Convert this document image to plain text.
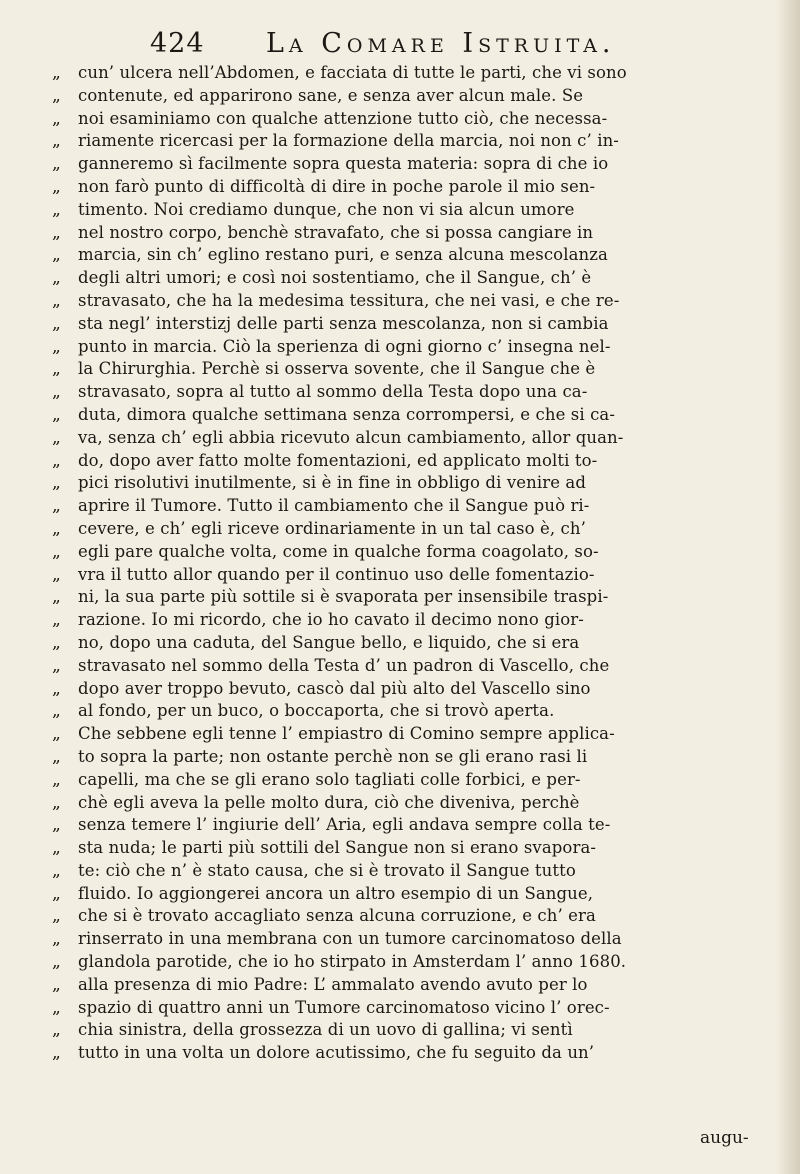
424 La Comare Istruita.
„	cun’ ulcera nell’Abdomen, e facciata di tutte le parti, che vi sono
„	contenute, ed apparirono sane, e senza aver alcun male. Se
„	noi esaminiamo con qualche attenzione tutto ciò, che necessa-
„	riamente ricercasi per la formazione della marcia, noi non c’ in-
„	ganneremo sì facilmente sopra questa materia: sopra di che io
„	non farò punto di difficoltà di dire in poche parole il mio sen-
„	timento. Noi crediamo dunque, che non vi sia alcun umore
„	nel nostro corpo, benchè stravafato, che si possa cangiare in
„	marcia, sin ch’ eglino restano puri, e senza alcuna mescolanza
„	degli altri umori; e così noi sostentiamo, che il Sangue, ch’ è
„	stravasato, che ha la medesima tessitura, che nei vasi, e che re-
„	sta negl’ interstizj delle parti senza mescolanza, non si cambia
„	punto in marcia. Ciò la sperienza di ogni giorno c’ insegna nel-
„	la Chirurghia. Perchè si osserva sovente, che il Sangue che è
„	stravasato, sopra al tutto al sommo della Testa dopo una ca-
„	duta, dimora qualche settimana senza corrompersi, e che si ca-
„	va, senza ch’ egli abbia ricevuto alcun cambiamento, allor quan-
„	do, dopo aver fatto molte fomentazioni, ed applicato molti to-
„	pici risolutivi inutilmente, si è in fine in obbligo di venire ad
„	aprire il Tumore. Tutto il cambiamento che il Sangue può ri-
„	cevere, e ch’ egli riceve ordinariamente in un tal caso è, ch’
„	egli pare qualche volta, come in qualche forma coagolato, so-
„	vra il tutto allor quando per il continuo uso delle fomentazio-
„	ni, la sua parte più sottile si è svaporata per insensibile traspi-
„	razione. Io mi ricordo, che io ho cavato il decimo nono gior-
„	no, dopo una caduta, del Sangue bello, e liquido, che si era
„	stravasato nel sommo della Testa d’ un padron di Vascello, che
„	dopo aver troppo bevuto, cascò dal più alto del Vascello sino
„	al fondo, per un buco, o boccaporta, che si trovò aperta.
„	Che sebbene egli tenne l’ empiastro di Comino sempre applica-
„	to sopra la parte; non ostante perchè non se gli erano rasi li
„	capelli, ma che se gli erano solo tagliati colle forbici, e per-
„	chè egli aveva la pelle molto dura, ciò che diveniva, perchè
„	senza temere l’ ingiurie dell’ Aria, egli andava sempre colla te-
„	sta nuda; le parti più sottili del Sangue non si erano svapora-
„	te: ciò che n’ è stato causa, che si è trovato il Sangue tutto
„	fluido. Io aggiongerei ancora un altro esempio di un Sangue,
„	che si è trovato accagliato senza alcuna corruzione, e ch’ era
„	rinserrato in una membrana con un tumore carcinomatoso della
„	glandola parotide, che io ho stirpato in Amsterdam l’ anno 1680.
„	alla presenza di mio Padre: L’ ammalato avendo avuto per lo
„	spazio di quattro anni un Tumore carcinomatoso vicino l’ orec-
„	chia sinistra, della grossezza di un uovo di gallina; vi sentì
„	tutto in una volta un dolore acutissimo, che fu seguito da un’
augu-
